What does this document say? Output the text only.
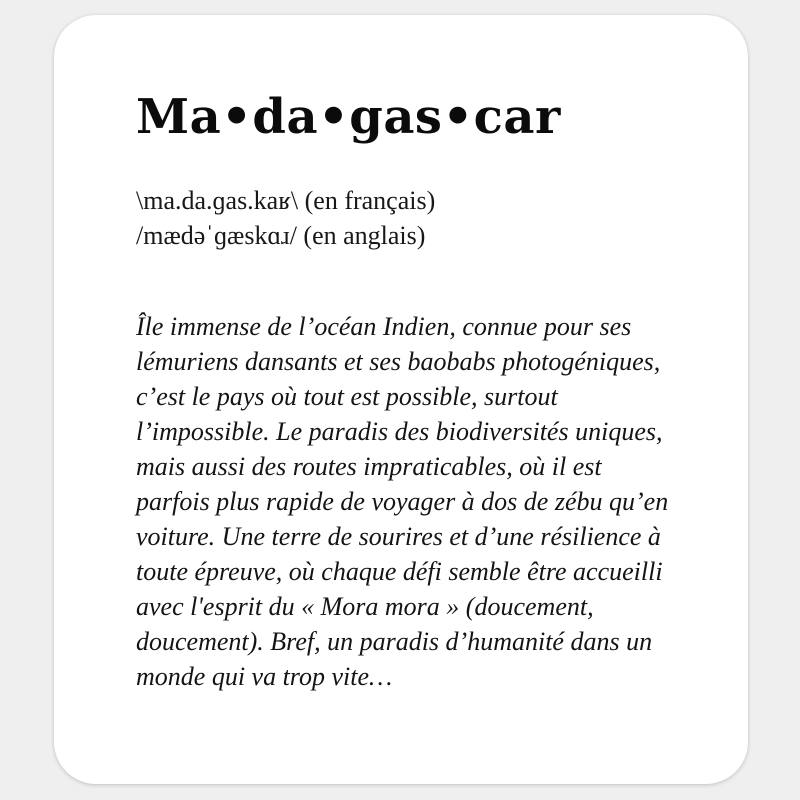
Ma•da•gas•car
\ma.da.ɡas.kaʁ\ (en français)
/mædəˈɡæskɑɹ/ (en anglais)
Île immense de l’océan Indien, connue pour ses
lémuriens dansants et ses baobabs photogéniques,
c’est le pays où tout est possible, surtout
l’impossible. Le paradis des biodiversités uniques,
mais aussi des routes impraticables, où il est
parfois plus rapide de voyager à dos de zébu qu’en
voiture. Une terre de sourires et d’une résilience à
toute épreuve, où chaque défi semble être accueilli
avec l'esprit du « Mora mora » (doucement,
doucement). Bref, un paradis d’humanité dans un
monde qui va trop vite…
